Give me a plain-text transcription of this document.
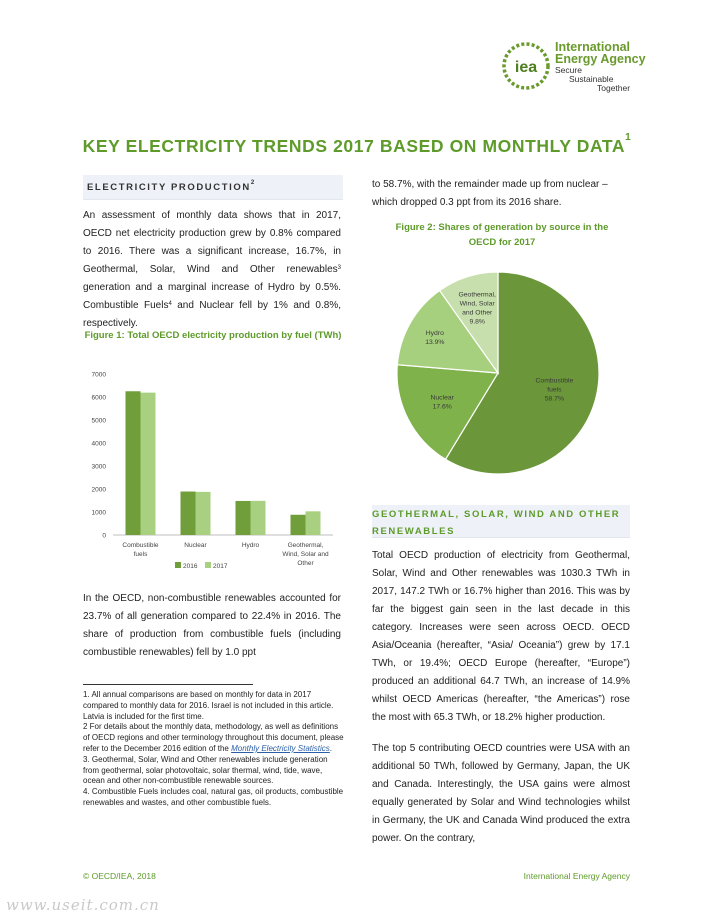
iea
International
Energy Agency
Secure
Sustainable
Together
KEY ELECTRICITY TRENDS 2017 BASED ON MONTHLY DATA$^1$
ELECTRICITY PRODUCTION$^2$
An assessment of monthly data shows that in 2017, OECD net electricity production grew by 0.8% compared to 2016. There was a significant increase, 16.7%, in Geothermal, Solar, Wind and Other renewables$^3$ generation and a marginal increase of Hydro by 0.5%. Combustible Fuels$^4$ and Nuclear fell by 1% and 0.8%, respectively.
Figure 1: Total OECD electricity production by fuel (TWh)
0
1000
2000
3000
4000
5000
6000
7000
Combustible
fuels
Nuclear	Hydro	Geothermal,
Wind, Solar and
Other
2016 2017
In the OECD, non-combustible renewables accounted for 23.7% of all generation compared to 22.4% in 2016. The share of production from combustible fuels (including combustible renewables) fell by 1.0 ppt
1. All annual comparisons are based on monthly for data in 2017 compared to monthly data for 2016. Israel is not included in this article. Latvia is included for the first time.
2 For details about the monthly data, methodology, as well as definitions of OECD regions and other terminology throughout this document, please refer to the December 2016 edition of the Monthly Electricity Statistics.
3. Geothermal, Solar, Wind and Other renewables include generation from geothermal, solar photovoltaic, solar thermal, wind, tide, wave, ocean and other non-combustible renewable sources.
4. Combustible Fuels includes coal, natural gas, oil products, combustible renewables and wastes, and other combustible fuels.
to 58.7%, with the remainder made up from nuclear – which dropped 0.3 ppt from its 2016 share.
Figure 2: Shares of generation by source in the OECD for 2017
Combustible
fuels
58.7%
Nuclear
17.6%
Hydro
13.9%
Geothermal,
Wind, Solar
and Other
9.8%
GEOTHERMAL, SOLAR, WIND AND OTHER RENEWABLES
Total OECD production of electricity from Geothermal, Solar, Wind and Other renewables was 1030.3 TWh in 2017, 147.2 TWh or 16.7% higher than 2016. This was by far the biggest gain seen in the last decade in this category. Increases were seen across OECD. OECD Asia/Oceania (hereafter, “Asia/ Oceania”) grew by 17.1 TWh, or 19.4%; OECD Europe (hereafter, “Europe”) produced an additional 64.7 TWh, an increase of 14.9% whilst OECD Americas (hereafter, “the Americas”) rose the most with 65.3 TWh, or 18.2% higher production.
The top 5 contributing OECD countries were USA with an additional 50 TWh, followed by Germany, Japan, the UK and Canada. Interestingly, the USA gains were almost equally generated by Solar and Wind technologies whilst in Germany, the UK and Canada Wind produced the extra power. On the contrary,
© OECD/IEA, 2018	International Energy Agency
www.useit.com.cn
